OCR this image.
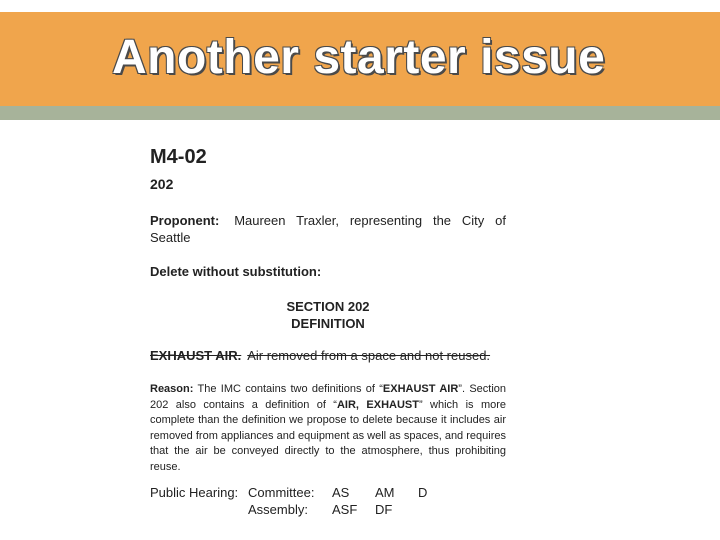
Another starter issue
M4-02
202
Proponent: Maureen Traxler, representing the City of Seattle
Delete without substitution:
SECTION 202
DEFINITION
EXHAUST AIR. Air removed from a space and not reused.
Reason: The IMC contains two definitions of “EXHAUST AIR”. Section 202 also contains a definition of “AIR, EXHAUST” which is more complete than the definition we propose to delete because it includes air removed from appliances and equipment as well as spaces, and requires that the air be conveyed directly to the atmosphere, thus prohibiting reuse.
Public Hearing: Committee: AS AM D
Assembly: ASF DF
